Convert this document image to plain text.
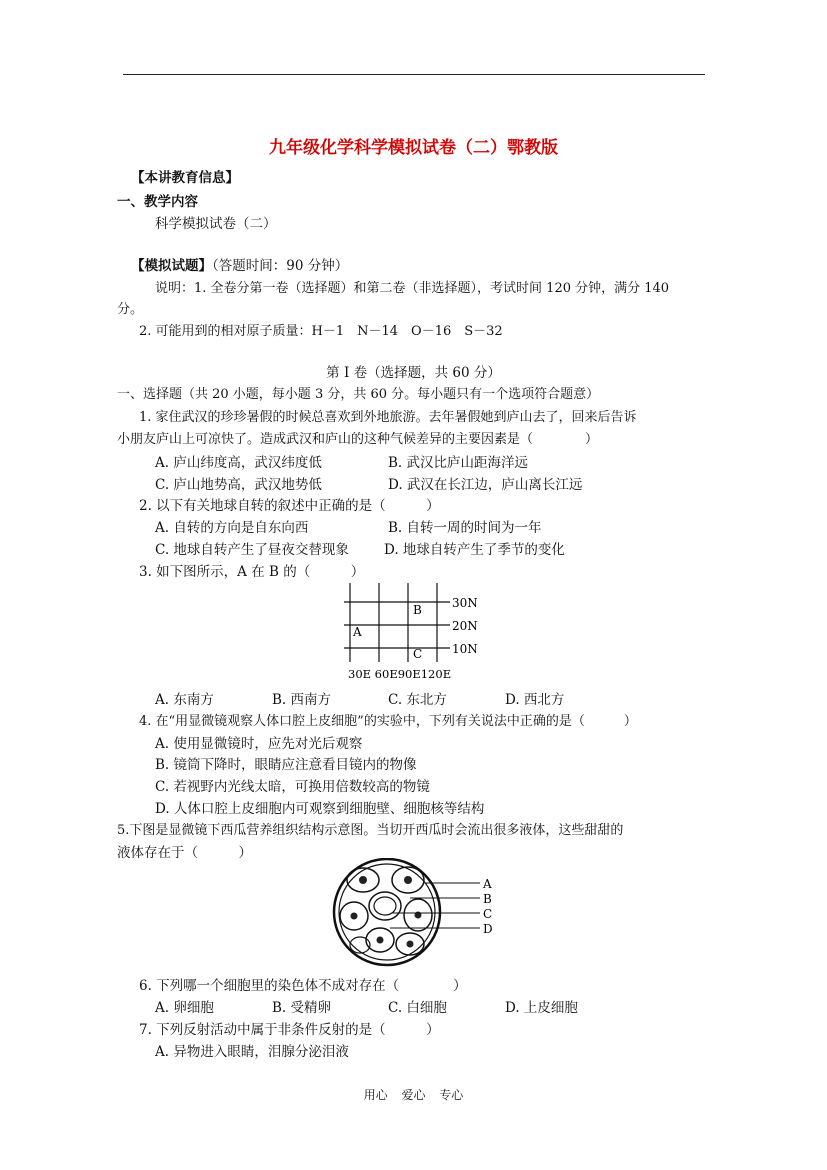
九年级化学科学模拟试卷（二）鄂教版
【本讲教育信息】
一、教学内容
科学模拟试卷（二）
【模拟试题】（答题时间：90 分钟）
说明：1. 全卷分第一卷（选择题）和第二卷（非选择题），考试时间 120 分钟，满分 140
分。
2. 可能用到的相对原子质量：H－1　N－14　O－16　S－32
第 I 卷（选择题，共 60 分）
一、选择题（共 20 小题，每小题 3 分，共 60 分。每小题只有一个选项符合题意）
1. 家住武汉的珍珍暑假的时候总喜欢到外地旅游。去年暑假她到庐山去了，回来后告诉
小朋友庐山上可凉快了。造成武汉和庐山的这种气候差异的主要因素是（　　　　）
A. 庐山纬度高，武汉纬度低	B. 武汉比庐山距海洋远
C. 庐山地势高，武汉地势低	D. 武汉在长江边，庐山离长江远
2. 以下有关地球自转的叙述中正确的是（　　　）
A. 自转的方向是自东向西	B. 自转一周的时间为一年
C. 地球自转产生了昼夜交替现象	D. 地球自转产生了季节的变化
3. 如下图所示，A 在 B 的（　　　）
30N
20N
10N
A
B
C
30E 60E90E120E
A. 东南方	B. 西南方	C. 东北方	D. 西北方
4. 在“用显微镜观察人体口腔上皮细胞”的实验中，下列有关说法中正确的是（　　　）
A. 使用显微镜时，应先对光后观察
B. 镜筒下降时，眼睛应注意看目镜内的物像
C. 若视野内光线太暗，可换用倍数较高的物镜
D. 人体口腔上皮细胞内可观察到细胞壁、细胞核等结构
5.下图是显微镜下西瓜营养组织结构示意图。当切开西瓜时会流出很多液体，这些甜甜的
液体存在于（　　　）
A
B
C
D
6. 下列哪一个细胞里的染色体不成对存在（　　　　）
A. 卵细胞	B. 受精卵	C. 白细胞	D. 上皮细胞
7. 下列反射活动中属于非条件反射的是（　　　）
A. 异物进入眼睛，泪腺分泌泪液
用心 爱心 专心
